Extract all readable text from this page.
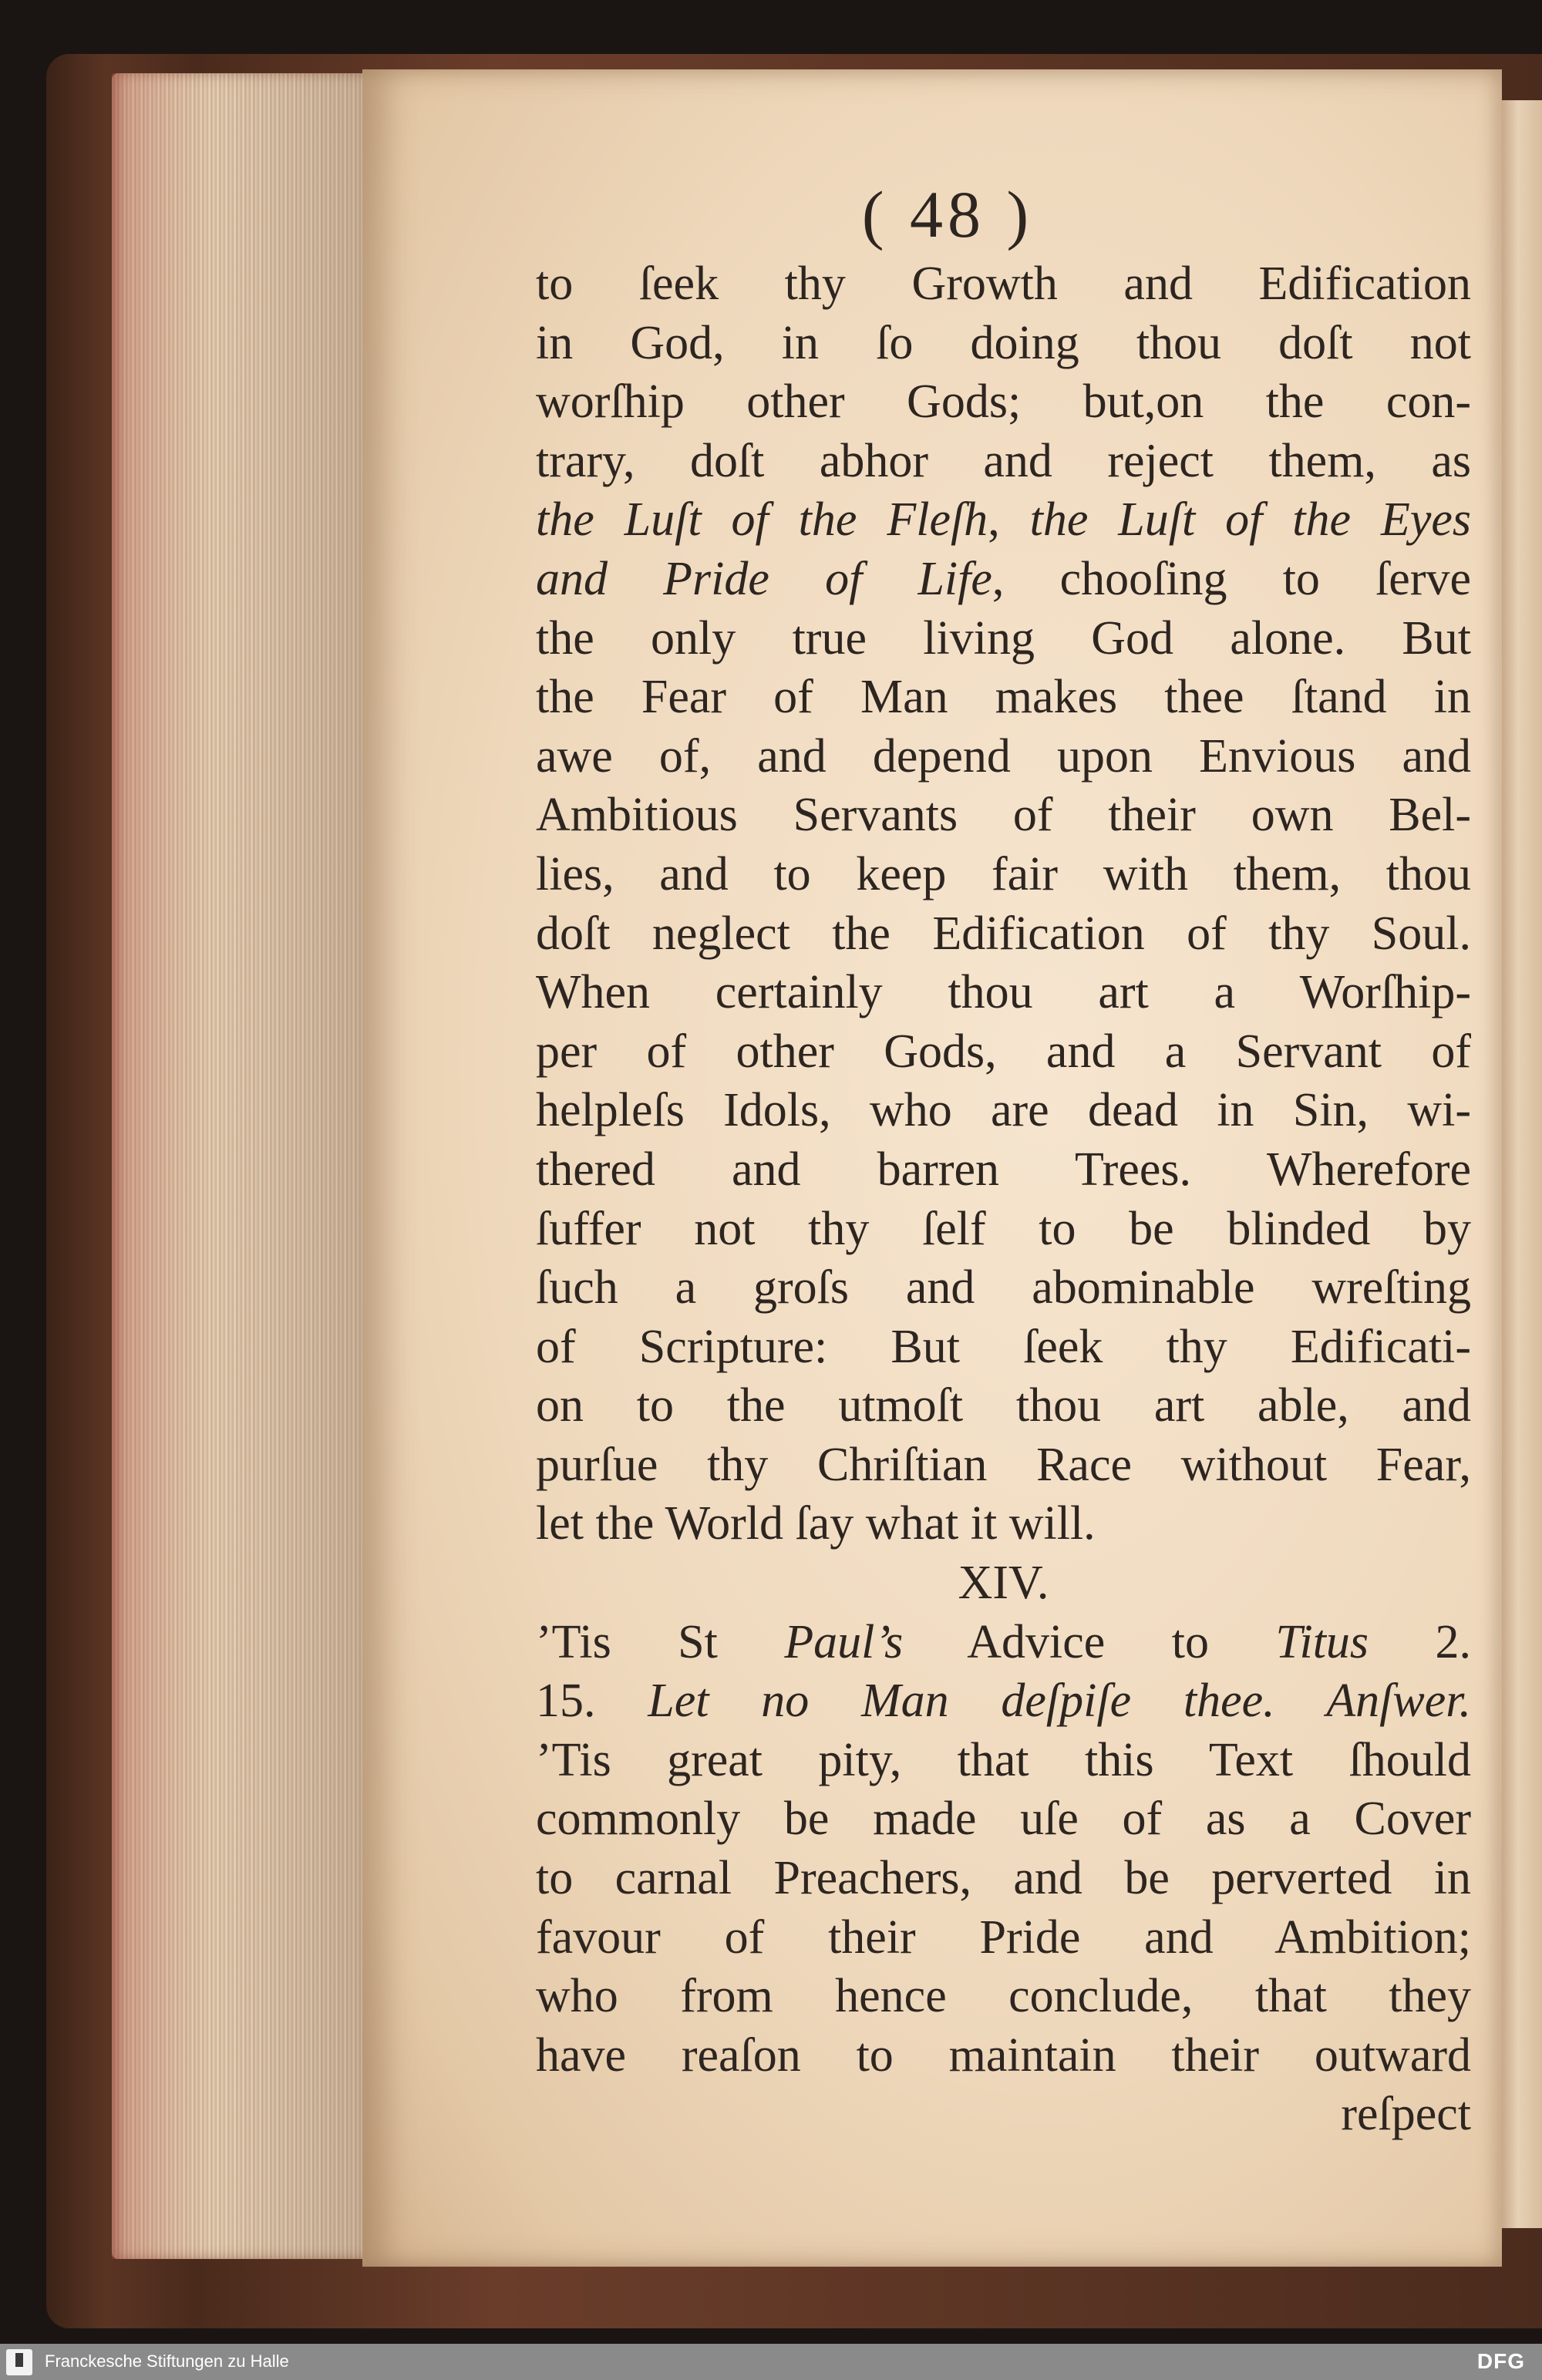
( 48 )
to ſeek thy Growth and Edification
in God, in ſo doing thou doſt not
worſhip other Gods; but,on the con-
trary, doſt abhor and reject them, as
the Luſt of the Fleſh, the Luſt of the Eyes
and Pride of Life, chooſing to ſerve
the only true living God alone. But
the Fear of Man makes thee ſtand in
awe of, and depend upon Envious and
Ambitious Servants of their own Bel-
lies, and to keep fair with them, thou
doſt neglect the Edification of thy Soul.
When certainly thou art a Worſhip-
per of other Gods, and a Servant of
helpleſs Idols, who are dead in Sin, wi-
thered and barren Trees. Wherefore
ſuffer not thy ſelf to be blinded by
ſuch a groſs and abominable wreſting
of Scripture: But ſeek thy Edificati-
on to the utmoſt thou art able, and
purſue thy Chriſtian Race without Fear,
let the World ſay what it will.
XIV.
’Tis St Paul’s Advice to Titus 2.
15. Let no Man deſpiſe thee. Anſwer.
’Tis great pity, that this Text ſhould
commonly be made uſe of as a Cover
to carnal Preachers, and be perverted in
favour of their Pride and Ambition;
who from hence conclude, that they
have reaſon to maintain their outward
reſpect
Franckesche Stiftungen zu Halle	DFG
